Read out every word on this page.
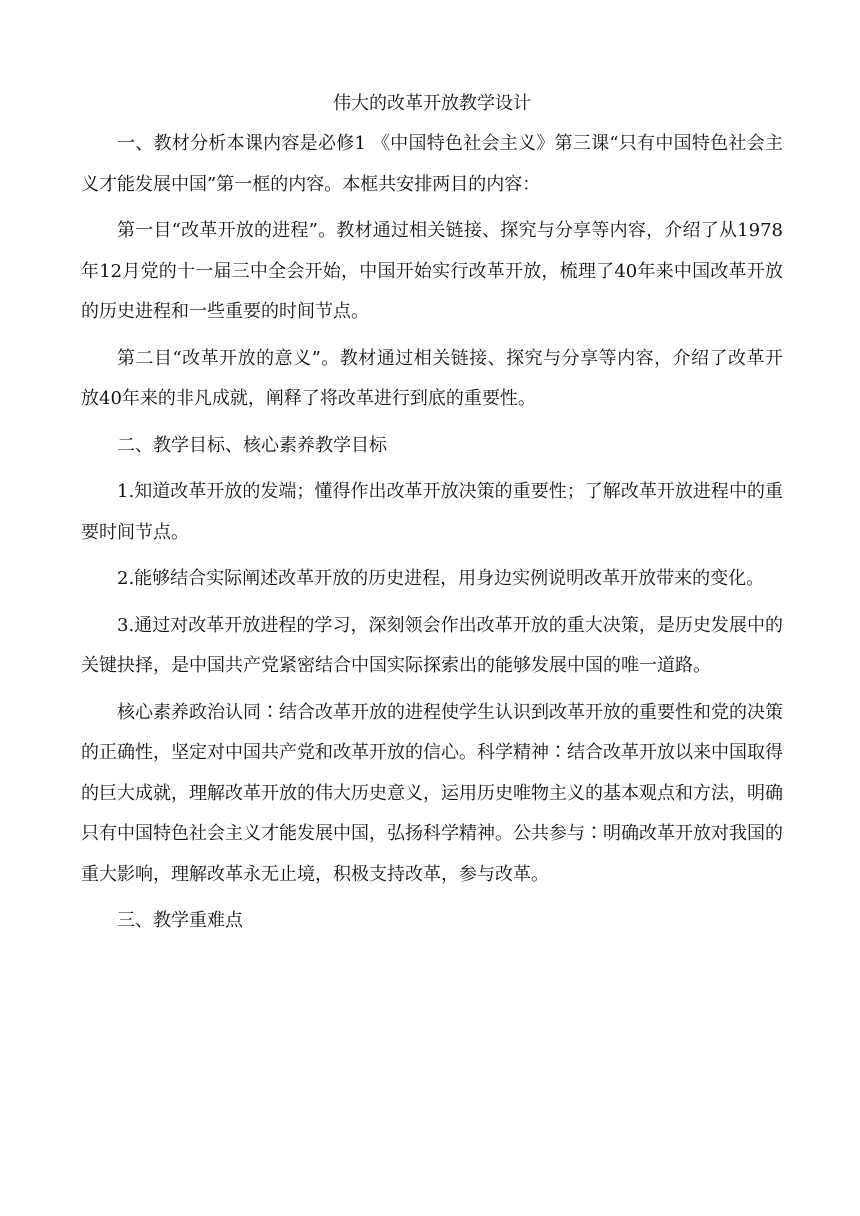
伟大的改革开放教学设计

一、教材分析本课内容是必修1 《中国特色社会主义》第三课“只有中国特色社会主义才能发展中国”第一框的内容。本框共安排两目的内容：

第一目“改革开放的进程”。教材通过相关链接、探究与分享等内容，介绍了从1978年12月党的十一届三中全会开始，中国开始实行改革开放，梳理了40年来中国改革开放的历史进程和一些重要的时间节点。

第二目“改革开放的意义”。教材通过相关链接、探究与分享等内容，介绍了改革开放40年来的非凡成就，阐释了将改革进行到底的重要性。

二、教学目标、核心素养教学目标

1.知道改革开放的发端；懂得作出改革开放决策的重要性；了解改革开放进程中的重要时间节点。

2.能够结合实际阐述改革开放的历史进程，用身边实例说明改革开放带来的变化。

3.通过对改革开放进程的学习，深刻领会作出改革开放的重大决策，是历史发展中的关键抉择，是中国共产党紧密结合中国实际探索出的能够发展中国的唯一道路。

核心素养政治认同∶结合改革开放的进程使学生认识到改革开放的重要性和党的决策的正确性，坚定对中国共产党和改革开放的信心。科学精神∶结合改革开放以来中国取得的巨大成就，理解改革开放的伟大历史意义，运用历史唯物主义的基本观点和方法，明确只有中国特色社会主义才能发展中国，弘扬科学精神。公共参与∶明确改革开放对我国的重大影响，理解改革永无止境，积极支持改革，参与改革。

三、教学重难点
